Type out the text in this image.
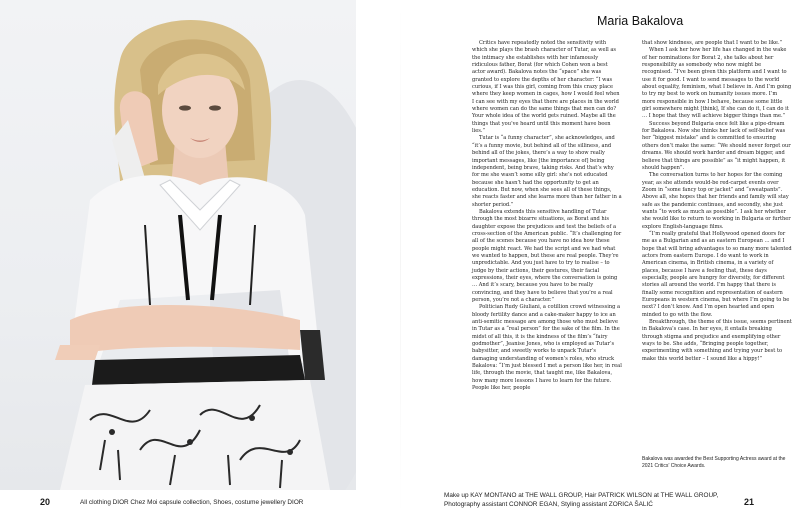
20	All clothing DIOR Chez Moi capsule collection, Shoes, costume jewellery DIOR
Maria Bakalova

Critics have repeatedly noted the sensitivity with which she plays the brash character of Tutar, as well as the intimacy she establishes with her infamously ridiculous father, Borat (for which Cohen won a best actor award). Bakalova notes the “space” she was granted to explore the depths of her character: “I was curious, if I was this girl, coming from this crazy place where they keep women in cages, how I would feel when I can see with my eyes that there are places in the world where women can do the same things that men can do? Your whole idea of the world gets ruined. Maybe all the things that you’ve heard until this moment have been lies.”

Tutar is “a funny character”, she acknowledges, and “it’s a funny movie, but behind all of the silliness, and behind all of the jokes, there’s a way to show really important messages, like [the importance of] being independent, being brave, taking risks. And that’s why for me she wasn’t some silly girl: she’s not educated because she hasn’t had the opportunity to get an education. But now, when she sees all of these things, she reacts faster and she learns more than her father in a shorter period.”

Bakalova extends this sensitive handling of Tutar through the most bizarre situations, as Borat and his daughter expose the prejudices and test the beliefs of a cross-section of the American public. “It’s challenging for all of the scenes because you have no idea how these people might react. We had the script and we had what we wanted to happen, but these are real people. They’re unpredictable. And you just have to try to realise – to judge by their actions, their gestures, their facial expressions, their eyes, where the conversation is going … And it’s scary, because you have to be really convincing, and they have to believe that you’re a real person, you’re not a character.”

Politician Rudy Giuliani, a cotillion crowd witnessing a bloody fertility dance and a cake-maker happy to ice an anti-semitic message are among those who must believe in Tutar as a “real person” for the sake of the film. In the midst of all this, it is the kindness of the film’s “fairy godmother”, Jeanise Jones, who is employed as Tutar’s babysitter, and sweetly works to unpack Tutar’s damaging understanding of women’s roles, who struck Bakalova: “I’m just blessed I met a person like her, in real life, through the movie, that taught me, like Bakalova, how many more lessons I have to learn for the future. People like her, people

that show kindness, are people that I want to be like.”

When I ask her how her life has changed in the wake of her nominations for Borat 2, she talks about her responsibility as somebody who now might be recognised. “I’ve been given this platform and I want to use it for good. I want to send messages to the world about equality, feminism, what I believe in. And I’m going to try my best to work on humanity issues more. I’m more responsible in how I behave, because some little girl somewhere might [think], If she can do it, I can do it … I hope that they will achieve bigger things than me.”

Success beyond Bulgaria once felt like a pipe-dream for Bakalova. Now she thinks her lack of self-belief was her “biggest mistake” and is committed to ensuring others don’t make the same: “We should never forget our dreams. We should work harder and dream bigger, and believe that things are possible” as “it might happen, it should happen”.

The conversation turns to her hopes for the coming year, as she attends would-be red-carpet events over Zoom in “some fancy top or jacket” and “sweatpants”. Above all, she hopes that her friends and family will stay safe as the pandemic continues, and secondly, she just wants “to work as much as possible”. I ask her whether she would like to return to working in Bulgaria or further explore English-language films.

“I’m really grateful that Hollywood opened doors for me as a Bulgarian and as an eastern European … and I hope that will bring advantages to so many more talented actors from eastern Europe. I do want to work in American cinema, in British cinema, in a variety of places, because I have a feeling that, these days especially, people are hungry for diversity, for different stories all around the world. I’m happy that there is finally some recognition and representation of eastern Europeans in western cinema, but where I’m going to be next? I don’t know. And I’m open hearted and open minded to go with the flow.

Breakthrough, the theme of this issue, seems pertinent in Bakalova’s case. In her eyes, it entails breaking through stigma and prejudice and exemplifying other ways to be. She adds, “Bringing people together, experimenting with something and trying your best to make this world better – I sound like a hippy!”

Bakalova was awarded the Best Supporting Actress award at the 2021 Critics’ Choice Awards.
Make up KAY MONTANO at THE WALL GROUP, Hair PATRICK WILSON at THE WALL GROUP, Photography assistant CONNOR EGAN, Styling assistant ZORICA ŠALIĆ	21
